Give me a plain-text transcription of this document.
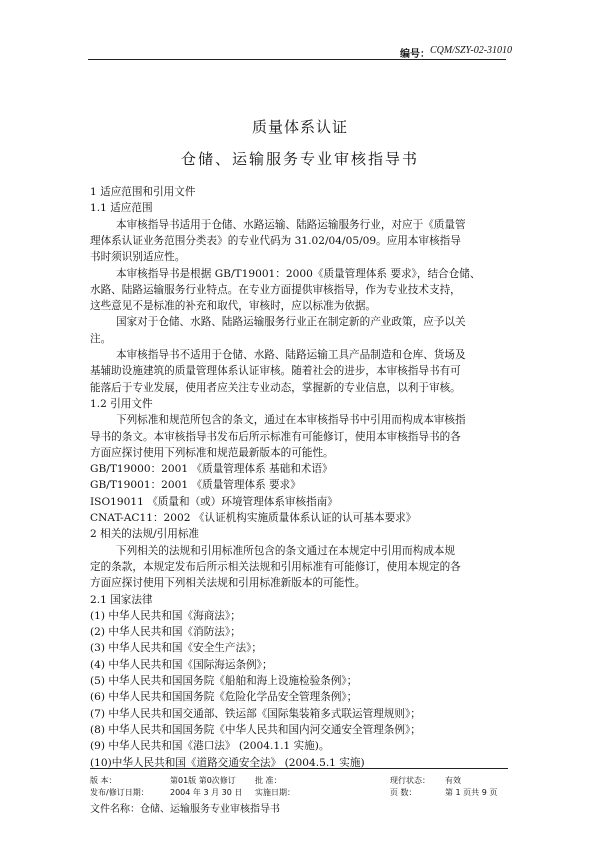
编号： CQM/SZY-02-31010
质量体系认证
仓储、运输服务专业审核指导书
1 适应范围和引用文件
1.1 适应范围
本审核指导书适用于仓储、水路运输、陆路运输服务行业，对应于《质量管
理体系认证业务范围分类表》的专业代码为 31.02/04/05/09。应用本审核指导
书时须识别适应性。
本审核指导书是根据 GB/T19001：2000《质量管理体系 要求》，结合仓储、
水路、陆路运输服务行业特点。在专业方面提供审核指导，作为专业技术支持，
这些意见不是标准的补充和取代，审核时，应以标准为依据。
国家对于仓储、水路、陆路运输服务行业正在制定新的产业政策，应予以关
注。
本审核指导书不适用于仓储、水路、陆路运输工具产品制造和仓库、货场及
基辅助设施建筑的质量管理体系认证审核。随着社会的进步，本审核指导书有可
能落后于专业发展，使用者应关注专业动态，掌握新的专业信息，以利于审核。
1.2 引用文件
下列标准和规范所包含的条文，通过在本审核指导书中引用而构成本审核指
导书的条文。本审核指导书发布后所示标准有可能修订，使用本审核指导书的各
方面应探讨使用下列标准和规范最新版本的可能性。
GB/T19000：2001 《质量管理体系 基础和术语》
GB/T19001：2001 《质量管理体系 要求》
ISO19011 《质量和（或）环境管理体系审核指南》
CNAT-AC11：2002 《认证机构实施质量体系认证的认可基本要求》
2 相关的法规/引用标准
下列相关的法规和引用标准所包含的条文通过在本规定中引用而构成本规
定的条款，本规定发布后所示相关法规和引用标准有可能修订，使用本规定的各
方面应探讨使用下列相关法规和引用标准新版本的可能性。
2.1 国家法律
(1) 中华人民共和国《海商法》；
(2) 中华人民共和国《消防法》；
(3) 中华人民共和国《安全生产法》；
(4) 中华人民共和国《国际海运条例》；
(5) 中华人民共和国国务院《船舶和海上设施检验条例》；
(6) 中华人民共和国国务院《危险化学品安全管理条例》；
(7) 中华人民共和国交通部、铁运部《国际集装箱多式联运管理规则》；
(8) 中华人民共和国国务院《中华人民共和国内河交通安全管理条例》；
(9) 中华人民共和国《港口法》 (2004.1.1 实施)。
(10)中华人民共和国《道路交通安全法》 (2004.5.1 实施)
版 本：	第01版 第0次修订 批 准：	现行状态： 有效
发布/修订日期：	2004 年 3 月 30 日 实施日期：	页 数：	第 1 页共 9 页
文件名称：仓储、运输服务专业审核指导书
